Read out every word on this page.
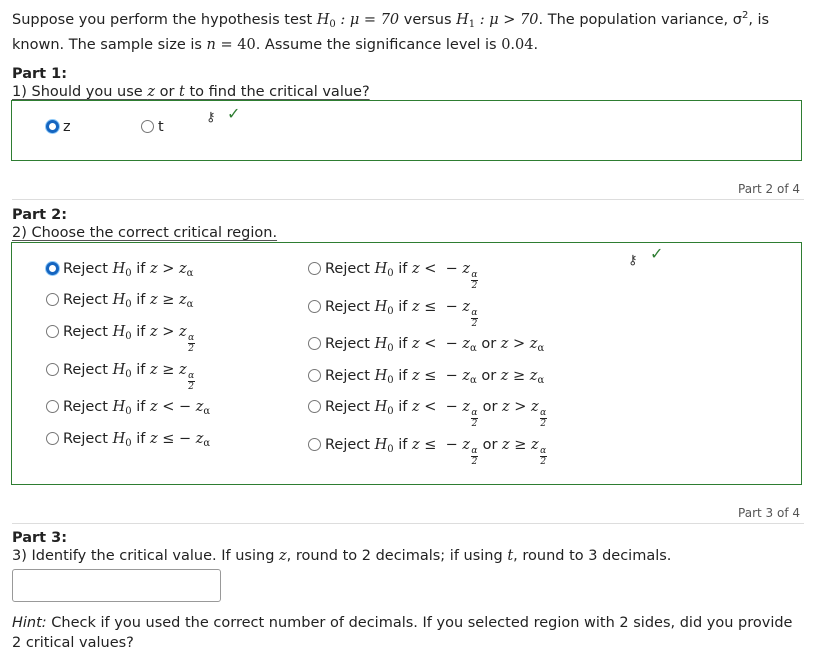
Suppose you perform the hypothesis test $H_0$ : μ = 70 versus $H_1$ : μ > 70. The population variance, $\sigma^2$, is
known. The sample size is n = 40. Assume the significance level is 0.04.
Part 1:
1) Should you use z or t to find the critical value?
z	t
⚷ ✓
Part 2 of 4
Part 2:
2) Choose the correct critical region.
⚷ ✓
Reject $H_0$ if $z > z_\alpha$
Reject $H_0$ if $z \ge z_\alpha$
Reject $H_0$ if z > z
$\frac{\alpha}{2}$
Reject $H_0$ if z ≥ z
$\frac{\alpha}{2}$
Reject $H_0$ if z < − $z_\alpha$
Reject $H_0$ if z ≤ − $z_\alpha$
Reject $H_0$ if z <  − z
$\frac{\alpha}{2}$
Reject $H_0$ if z ≤  − z
$\frac{\alpha}{2}$
Reject $H_0$ if z <  − $z_\alpha$ or $z > z_\alpha$
Reject $H_0$ if z ≤  − $z_\alpha$ or $z \ge z_\alpha$
Reject $H_0$ if z <  − z
$\frac{\alpha}{2}$
or z > z
$\frac{\alpha}{2}$
Reject $H_0$ if z ≤  − z
$\frac{\alpha}{2}$
or z ≥ z
$\frac{\alpha}{2}$
Part 3 of 4
Part 3:
3) Identify the critical value. If using z, round to 2 decimals; if using t, round to 3 decimals.
Hint: Check if you used the correct number of decimals. If you selected region with 2 sides, did you provide
2 critical values?
